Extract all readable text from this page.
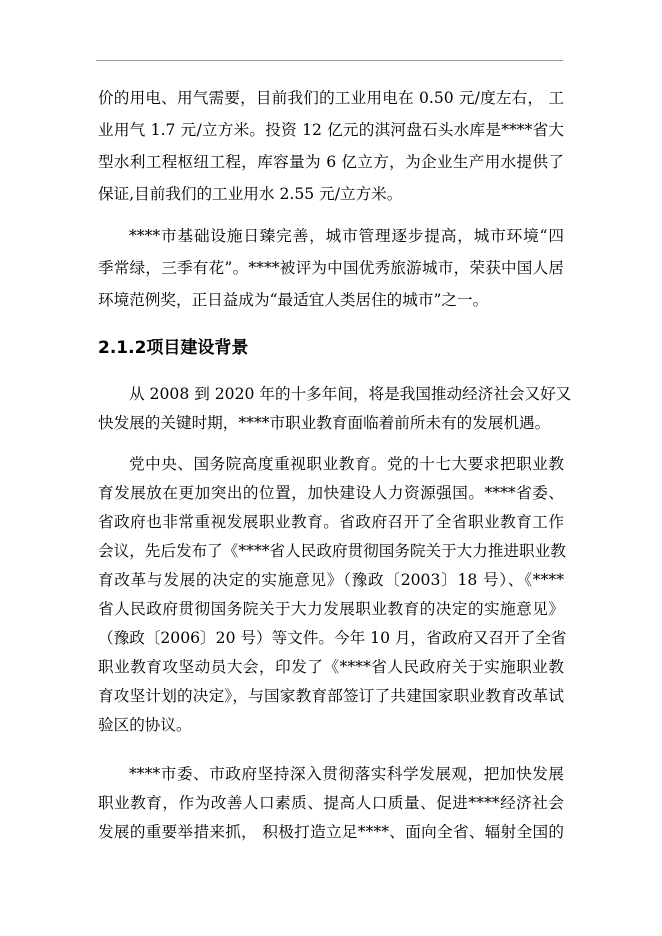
价的用电、用气需要，目前我们的工业用电在 0.50 元/度左右， 工
业用气 1.7 元/立方米。投资 12 亿元的淇河盘石头水库是****省大
型水利工程枢纽工程，库容量为 6 亿立方，为企业生产用水提供了
保证,目前我们的工业用水 2.55 元/立方米。
****市基础设施日臻完善，城市管理逐步提高，城市环境“四
季常绿，三季有花”。****被评为中国优秀旅游城市，荣获中国人居
环境范例奖，正日益成为“最适宜人类居住的城市”之一。
2.1.2项目建设背景
从 2008 到 2020 年的十多年间，将是我国推动经济社会又好又
快发展的关键时期，****市职业教育面临着前所未有的发展机遇。
党中央、国务院高度重视职业教育。党的十七大要求把职业教
育发展放在更加突出的位置，加快建设人力资源强国。****省委、
省政府也非常重视发展职业教育。省政府召开了全省职业教育工作
会议，先后发布了《****省人民政府贯彻国务院关于大力推进职业教
育改革与发展的决定的实施意见》（豫政〔2003〕18 号）、《****
省人民政府贯彻国务院关于大力发展职业教育的决定的实施意见》
（豫政〔2006〕20 号）等文件。今年 10 月，省政府又召开了全省
职业教育攻坚动员大会，印发了《****省人民政府关于实施职业教
育攻坚计划的决定》，与国家教育部签订了共建国家职业教育改革试
验区的协议。
****市委、市政府坚持深入贯彻落实科学发展观，把加快发展
职业教育，作为改善人口素质、提高人口质量、促进****经济社会
发展的重要举措来抓， 积极打造立足****、面向全省、辐射全国的
